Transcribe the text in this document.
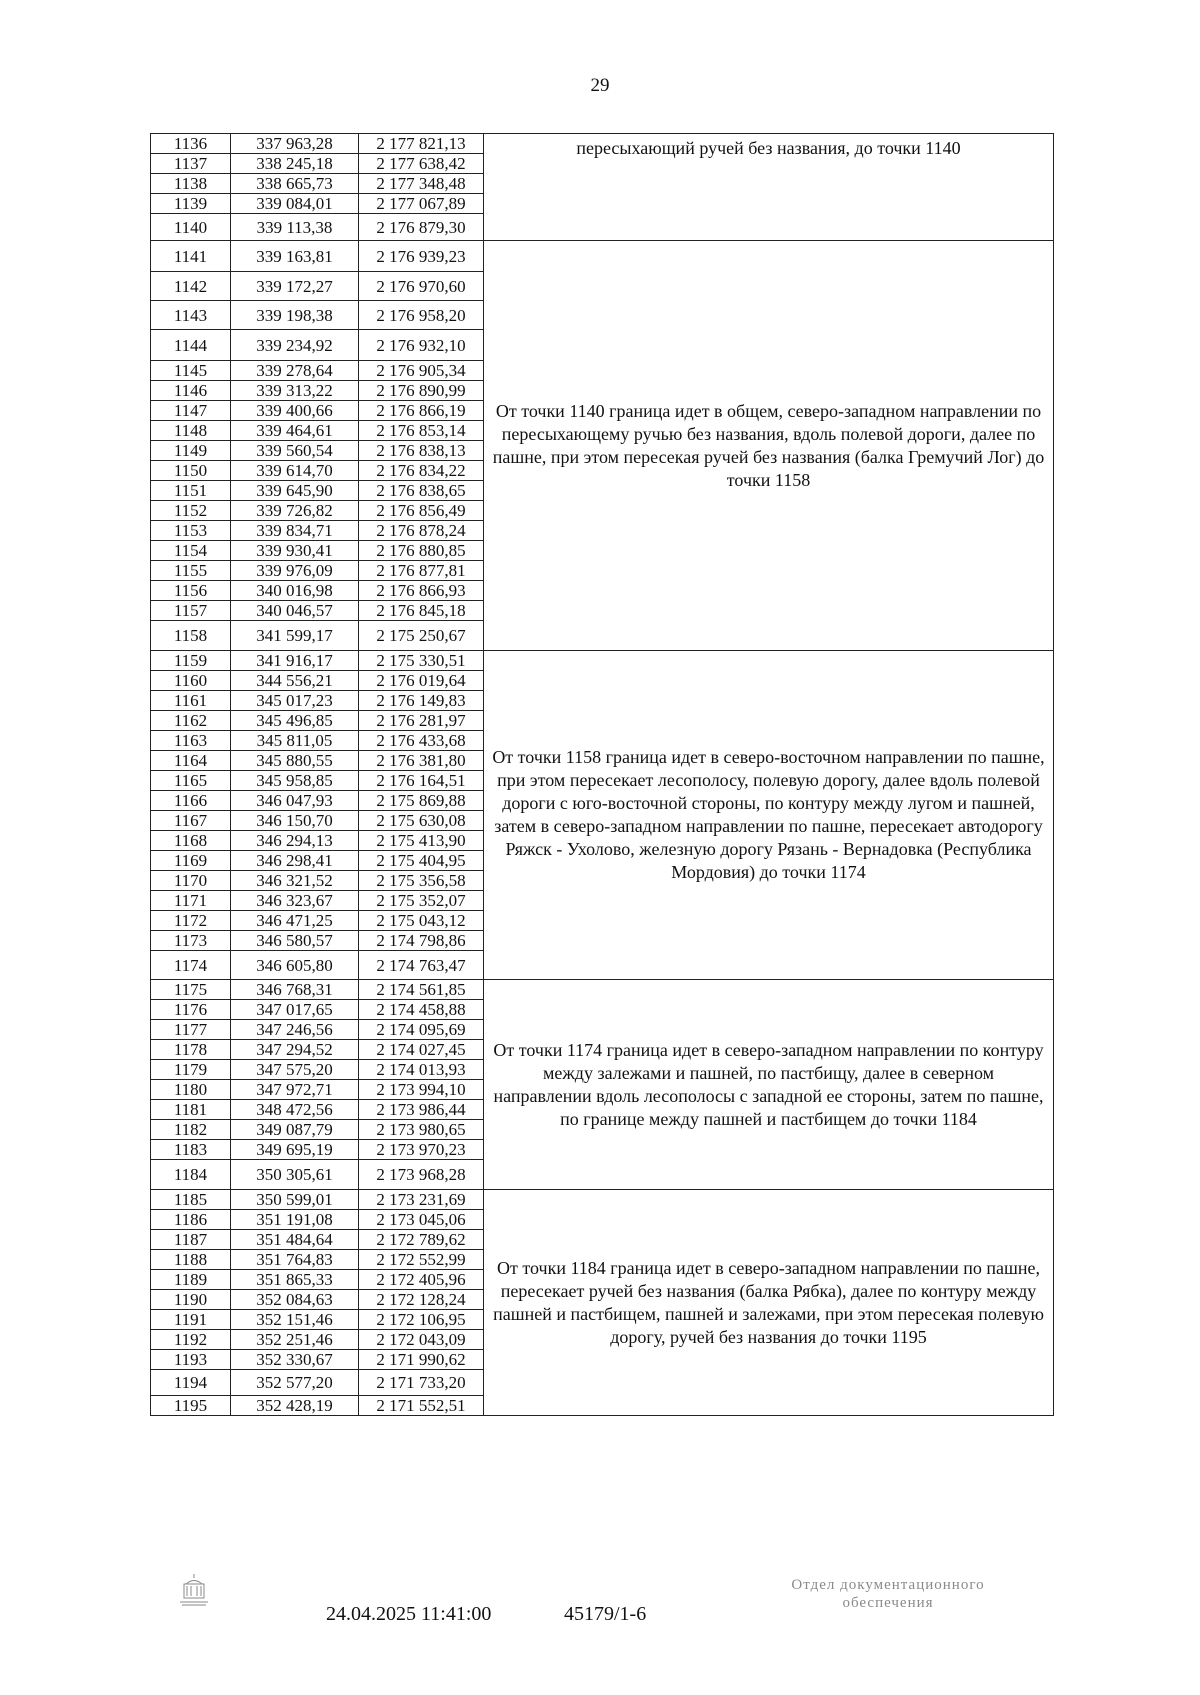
29
1136	337 963,28	2 177 821,13	пересыхающий ручей без названия, до точки 1140
1137	338 245,18	2 177 638,42	
1138	338 665,73	2 177 348,48	
1139	339 084,01	2 177 067,89	
1140	339 113,38	2 176 879,30	
1141	339 163,81	2 176 939,23	От точки 1140 граница идет в общем, северо-западном направлении по пересыхающему ручью без названия, вдоль полевой дороги, далее по пашне, при этом пересекая ручей без названия (балка Гремучий Лог) до точки 1158
1142	339 172,27	2 176 970,60	
1143	339 198,38	2 176 958,20	
1144	339 234,92	2 176 932,10	
1145	339 278,64	2 176 905,34	
1146	339 313,22	2 176 890,99	
1147	339 400,66	2 176 866,19	
1148	339 464,61	2 176 853,14	
1149	339 560,54	2 176 838,13	
1150	339 614,70	2 176 834,22	
1151	339 645,90	2 176 838,65	
1152	339 726,82	2 176 856,49	
1153	339 834,71	2 176 878,24	
1154	339 930,41	2 176 880,85	
1155	339 976,09	2 176 877,81	
1156	340 016,98	2 176 866,93	
1157	340 046,57	2 176 845,18	
1158	341 599,17	2 175 250,67	
1159	341 916,17	2 175 330,51	От точки 1158 граница идет в северо-восточном направлении по пашне, при этом пересекает лесополосу, полевую дорогу, далее вдоль полевой дороги с юго-восточной стороны, по контуру между лугом и пашней, затем в северо-западном направлении по пашне, пересекает автодорогу Ряжск - Ухолово, железную дорогу Рязань - Вернадовка (Республика Мордовия) до точки 1174
1160	344 556,21	2 176 019,64	
1161	345 017,23	2 176 149,83	
1162	345 496,85	2 176 281,97	
1163	345 811,05	2 176 433,68	
1164	345 880,55	2 176 381,80	
1165	345 958,85	2 176 164,51	
1166	346 047,93	2 175 869,88	
1167	346 150,70	2 175 630,08	
1168	346 294,13	2 175 413,90	
1169	346 298,41	2 175 404,95	
1170	346 321,52	2 175 356,58	
1171	346 323,67	2 175 352,07	
1172	346 471,25	2 175 043,12	
1173	346 580,57	2 174 798,86	
1174	346 605,80	2 174 763,47	
1175	346 768,31	2 174 561,85	От точки 1174 граница идет в северо-западном направлении по контуру между залежами и пашней, по пастбищу, далее в северном направлении вдоль лесополосы с западной ее стороны, затем по пашне, по границе между пашней и пастбищем до точки 1184
1176	347 017,65	2 174 458,88	
1177	347 246,56	2 174 095,69	
1178	347 294,52	2 174 027,45	
1179	347 575,20	2 174 013,93	
1180	347 972,71	2 173 994,10	
1181	348 472,56	2 173 986,44	
1182	349 087,79	2 173 980,65	
1183	349 695,19	2 173 970,23	
1184	350 305,61	2 173 968,28	
1185	350 599,01	2 173 231,69	От точки 1184 граница идет в северо-западном направлении по пашне, пересекает ручей без названия (балка Рябка), далее по контуру между пашней и пастбищем, пашней и залежами, при этом пересекая полевую дорогу, ручей без названия до точки 1195
1186	351 191,08	2 173 045,06	
1187	351 484,64	2 172 789,62	
1188	351 764,83	2 172 552,99	
1189	351 865,33	2 172 405,96	
1190	352 084,63	2 172 128,24	
1191	352 151,46	2 172 106,95	
1192	352 251,46	2 172 043,09	
1193	352 330,67	2 171 990,62	
1194	352 577,20	2 171 733,20	
1195	352 428,19	2 171 552,51	
24.04.2025 11:41:00	45179/1-6
Отдел документационного
обеспечения
